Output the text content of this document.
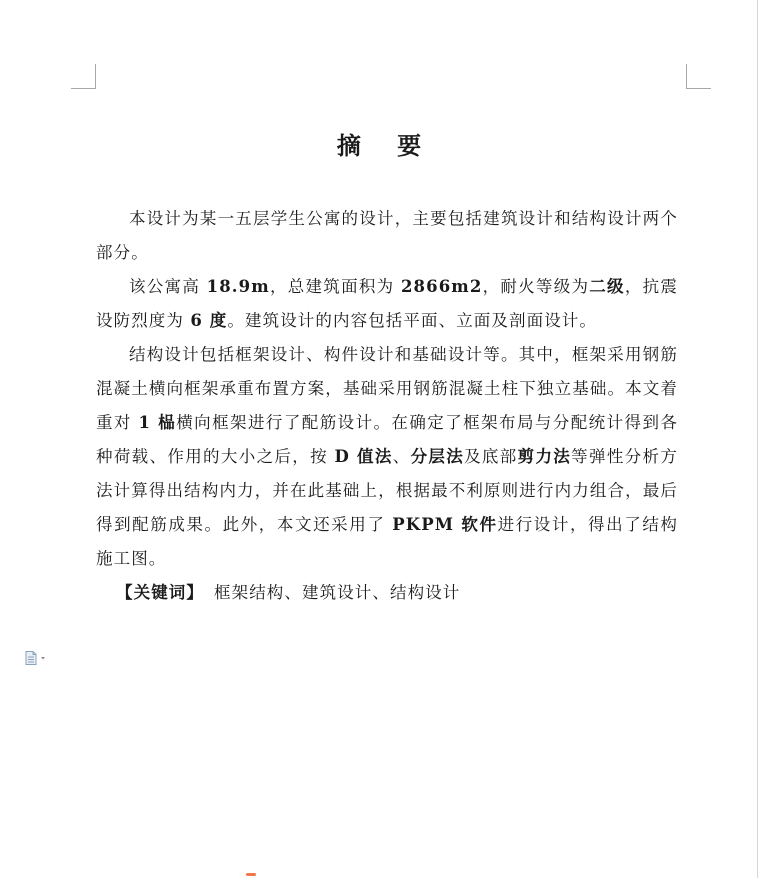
摘 要

本设计为某一五层学生公寓的设计，主要包括建筑设计和结构设计两个部分。

该公寓高 18.9m，总建筑面积为 2866m2，耐火等级为二级，抗震设防烈度为 6 度。建筑设计的内容包括平面、立面及剖面设计。

结构设计包括框架设计、构件设计和基础设计等。其中，框架采用钢筋混凝土横向框架承重布置方案，基础采用钢筋混凝土柱下独立基础。本文着重对 1 榀横向框架进行了配筋设计。在确定了框架布局与分配统计得到各种荷载、作用的大小之后，按 D 值法、分层法及底部剪力法等弹性分析方法计算得出结构内力，并在此基础上，根据最不利原则进行内力组合，最后得到配筋成果。此外，本文还采用了 PKPM 软件进行设计，得出了结构施工图。

【关键词】 框架结构、建筑设计、结构设计
